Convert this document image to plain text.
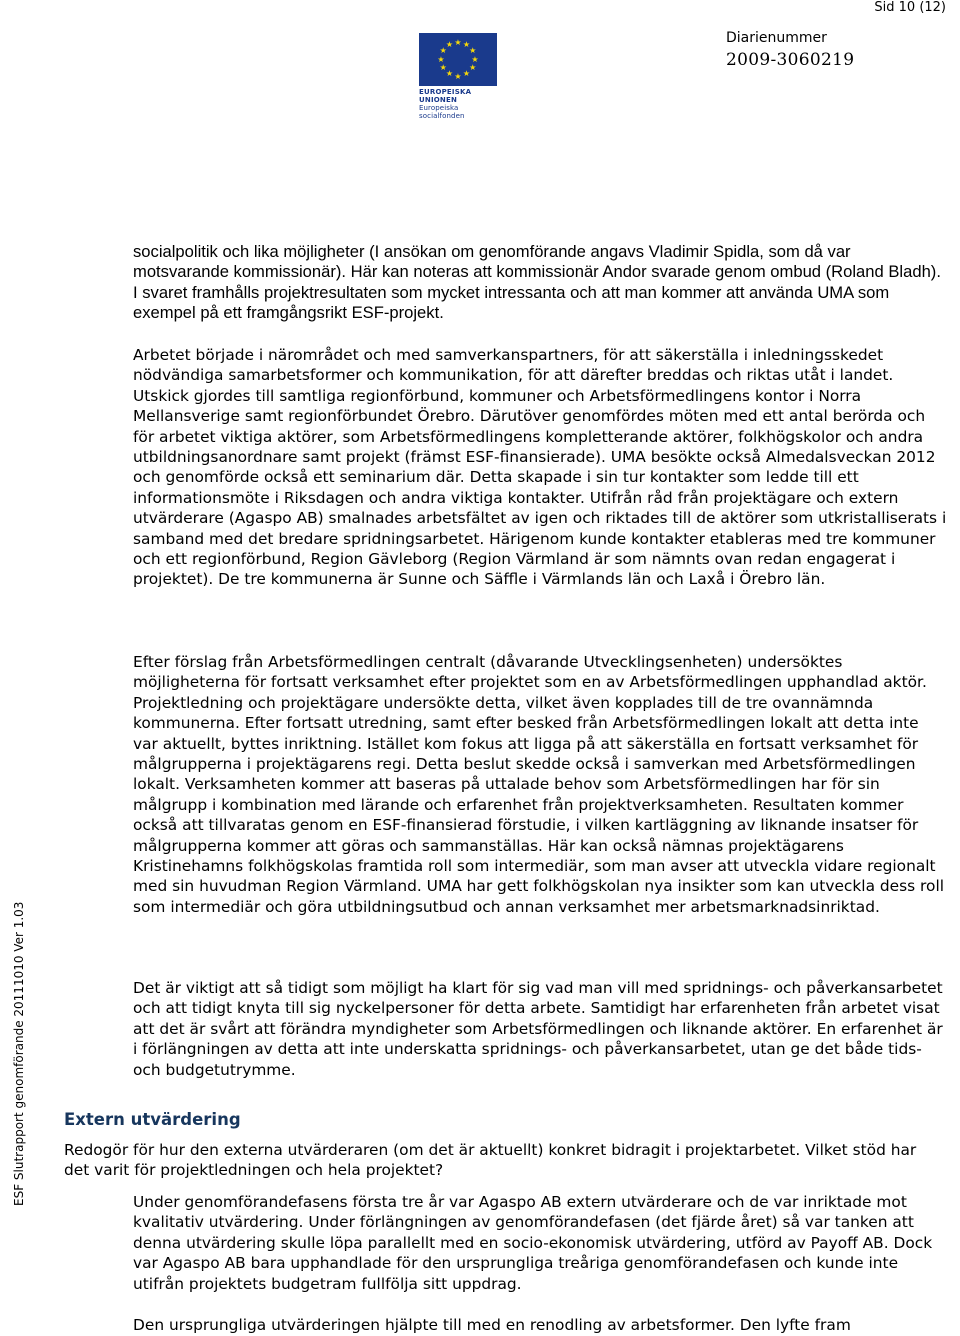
Sid 10 (12)
★ ★
★
★
★
★
★
★
★
★
★
★
EUROPEISKA UNIONEN
Europeiska socialfonden
Diarienummer
2009-3060219
ESF Slutrapport genomförande 20111010 Ver 1.03

socialpolitik och lika möjligheter (I ansökan om genomförande angavs Vladimir Spidla, som då var motsvarande kommissionär). Här kan noteras att kommissionär Andor svarade genom ombud (Roland Bladh). I svaret framhålls projektresultaten som mycket intressanta och att man kommer att använda UMA som exempel på ett framgångsrikt ESF-projekt.

Arbetet började i närområdet och med samverkanspartners, för att säkerställa i inledningsskedet nödvändiga samarbetsformer och kommunikation, för att därefter breddas och riktas utåt i landet. Utskick gjordes till samtliga regionförbund, kommuner och Arbetsförmedlingens kontor i Norra Mellansverige samt regionförbundet Örebro. Därutöver genomfördes möten med ett antal berörda och för arbetet viktiga aktörer, som Arbetsförmedlingens kompletterande aktörer, folkhögskolor och andra utbildningsanordnare samt projekt (främst ESF-finansierade). UMA besökte också Almedalsveckan 2012 och genomförde också ett seminarium där. Detta skapade i sin tur kontakter som ledde till ett informationsmöte i Riksdagen och andra viktiga kontakter. Utifrån råd från projektägare och extern utvärderare (Agaspo AB) smalnades arbetsfältet av igen och riktades till de aktörer som utkristalliserats i samband med det bredare spridningsarbetet. Härigenom kunde kontakter etableras med tre kommuner och ett regionförbund, Region Gävleborg (Region Värmland är som nämnts ovan redan engagerat i projektet). De tre kommunerna är Sunne och Säffle i Värmlands län och Laxå i Örebro län.

Efter förslag från Arbetsförmedlingen centralt (dåvarande Utvecklingsenheten) undersöktes möjligheterna för fortsatt verksamhet efter projektet som en av Arbetsförmedlingen upphandlad aktör. Projektledning och projektägare undersökte detta, vilket även kopplades till de tre ovannämnda kommunerna. Efter fortsatt utredning, samt efter besked från Arbetsförmedlingen lokalt att detta inte var aktuellt, byttes inriktning. Istället kom fokus att ligga på att säkerställa en fortsatt verksamhet för målgrupperna i projektägarens regi. Detta beslut skedde också i samverkan med Arbetsförmedlingen lokalt. Verksamheten kommer att baseras på uttalade behov som Arbetsförmedlingen har för sin målgrupp i kombination med lärande och erfarenhet från projektverksamheten. Resultaten kommer också att tillvaratas genom en ESF-finansierad förstudie, i vilken kartläggning av liknande insatser för målgrupperna kommer att göras och sammanställas. Här kan också nämnas projektägarens Kristinehamns folkhögskolas framtida roll som intermediär, som man avser att utveckla vidare regionalt med sin huvudman Region Värmland. UMA har gett folkhögskolan nya insikter som kan utveckla dess roll som intermediär och göra utbildningsutbud och annan verksamhet mer arbetsmarknadsinriktad.

Det är viktigt att så tidigt som möjligt ha klart för sig vad man vill med spridnings- och påverkansarbetet och att tidigt knyta till sig nyckelpersoner för detta arbete. Samtidigt har erfarenheten från arbetet visat att det är svårt att förändra myndigheter som Arbetsförmedlingen och liknande aktörer. En erfarenhet är i förlängningen av detta att inte underskatta spridnings- och påverkansarbetet, utan ge det både tids- och budgetutrymme.

Extern utvärdering

Redogör för hur den externa utvärderaren (om det är aktuellt) konkret bidragit i projektarbetet. Vilket stöd har det varit för projektledningen och hela projektet?

Under genomförandefasens första tre år var Agaspo AB extern utvärderare och de var inriktade mot kvalitativ utvärdering. Under förlängningen av genomförandefasen (det fjärde året) så var tanken att denna utvärdering skulle löpa parallellt med en socio-ekonomisk utvärdering, utförd av Payoff AB. Dock var Agaspo AB bara upphandlade för den ursprungliga treåriga genomförandefasen och kunde inte utifrån projektets budgetram fullfölja sitt uppdrag.

Den ursprungliga utvärderingen hjälpte till med en renodling av arbetsformer. Den lyfte fram
